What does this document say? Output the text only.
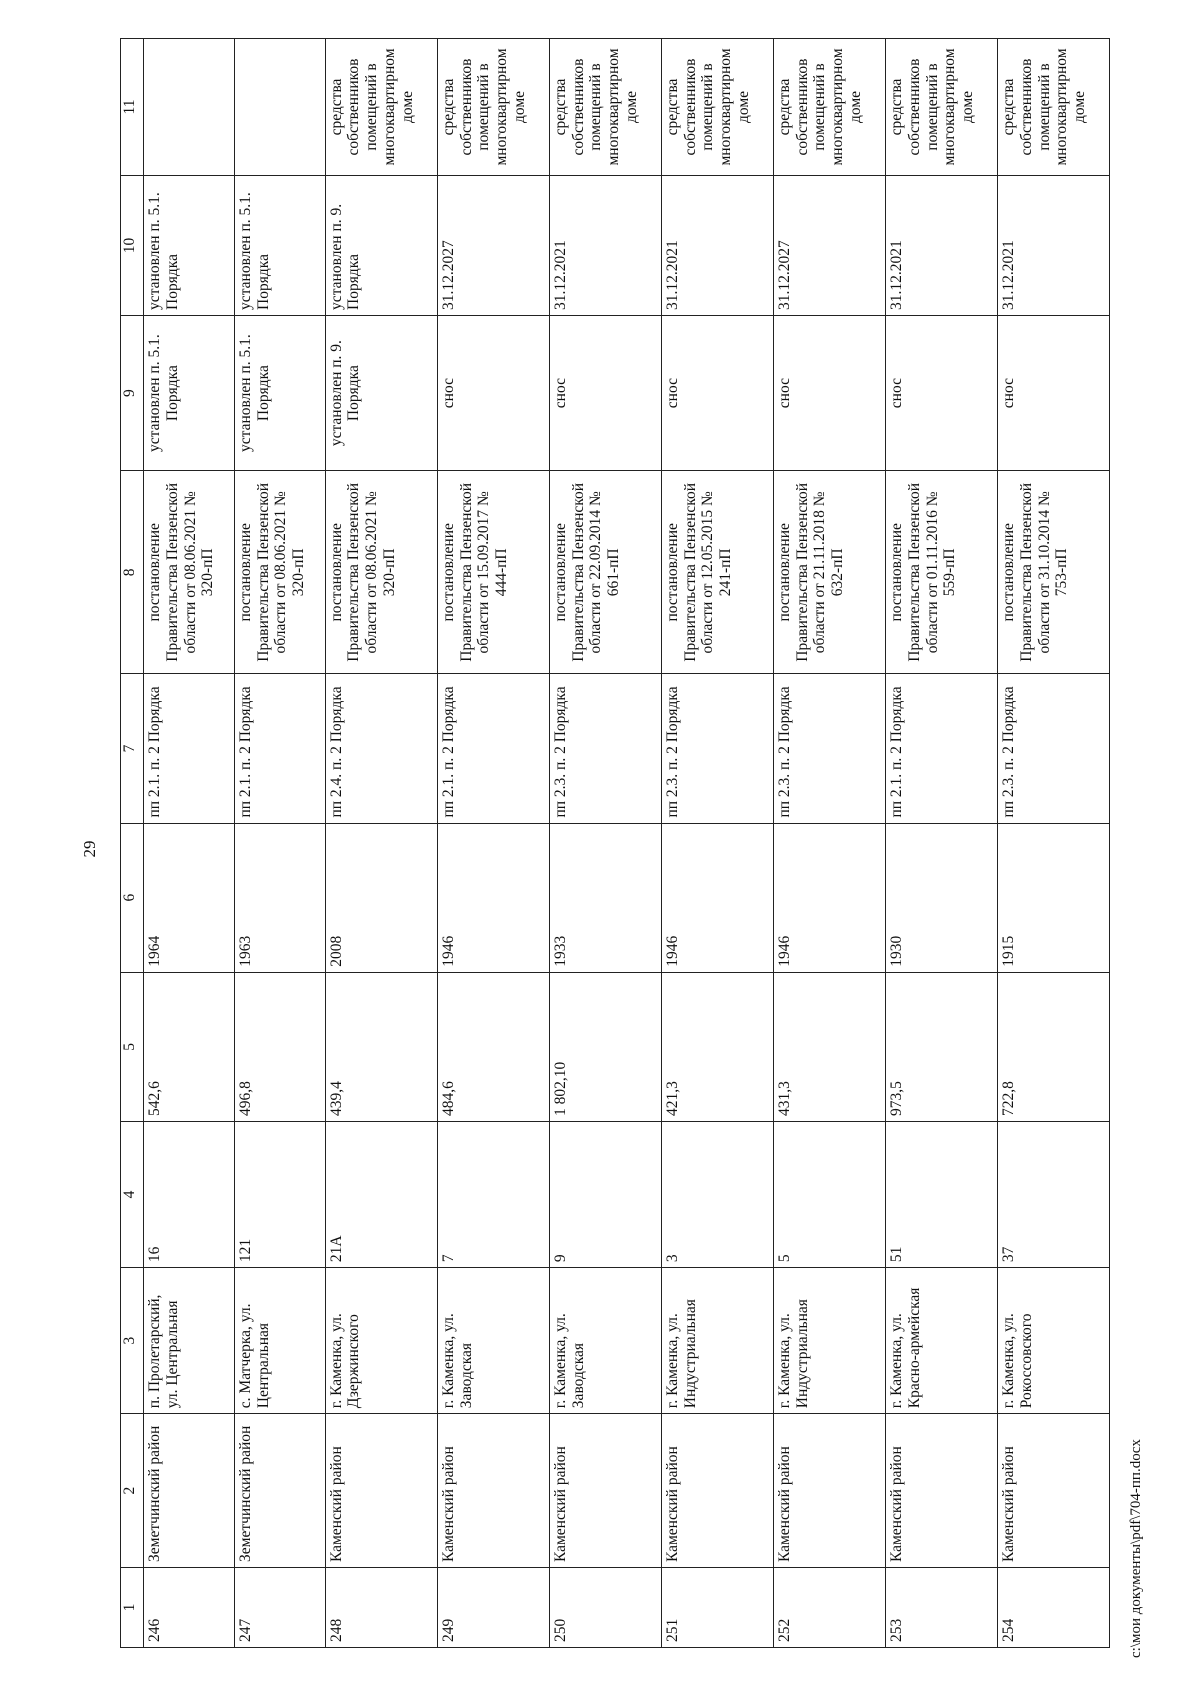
29
1	2	3	4	5	6	7	8	9	10	11
246	Земетчинский район	п. Пролетарский, ул. Центральная	16	542,6	1964	пп 2.1. п. 2 Порядка	постановление Правительства Пензенской области от 08.06.2021 № 320-пП	установлен п. 5.1. Порядка	установлен п. 5.1. Порядка	
247	Земетчинский район	с. Матчерка, ул. Центральная	121	496,8	1963	пп 2.1. п. 2 Порядка	постановление Правительства Пензенской области от 08.06.2021 № 320-пП	установлен п. 5.1. Порядка	установлен п. 5.1. Порядка	
248	Каменский район	г. Каменка, ул. Дзержинского	21А	439,4	2008	пп 2.4. п. 2 Порядка	постановление Правительства Пензенской области от 08.06.2021 № 320-пП	установлен п. 9. Порядка	установлен п. 9. Порядка	средства собственников помещений в многоквартирном доме
249	Каменский район	г. Каменка, ул. Заводская	7	484,6	1946	пп 2.1. п. 2 Порядка	постановление Правительства Пензенской области от 15.09.2017 № 444-пП	снос	31.12.2027	средства собственников помещений в многоквартирном доме
250	Каменский район	г. Каменка, ул. Заводская	9	1 802,10	1933	пп 2.3. п. 2 Порядка	постановление Правительства Пензенской области от 22.09.2014 № 661-пП	снос	31.12.2021	средства собственников помещений в многоквартирном доме
251	Каменский район	г. Каменка, ул. Индустриальная	3	421,3	1946	пп 2.3. п. 2 Порядка	постановление Правительства Пензенской области от 12.05.2015 № 241-пП	снос	31.12.2021	средства собственников помещений в многоквартирном доме
252	Каменский район	г. Каменка, ул. Индустриальная	5	431,3	1946	пп 2.3. п. 2 Порядка	постановление Правительства Пензенской области от 21.11.2018 № 632-пП	снос	31.12.2027	средства собственников помещений в многоквартирном доме
253	Каменский район	г. Каменка, ул. Красно-армейская	51	973,5	1930	пп 2.1. п. 2 Порядка	постановление Правительства Пензенской области от 01.11.2016 № 559-пП	снос	31.12.2021	средства собственников помещений в многоквартирном доме
254	Каменский район	г. Каменка, ул. Рокоссовского	37	722,8	1915	пп 2.3. п. 2 Порядка	постановление Правительства Пензенской области от 31.10.2014 № 753-пП	снос	31.12.2021	средства собственников помещений в многоквартирном доме
c:\мои документы\pdf\704-пп.docx
